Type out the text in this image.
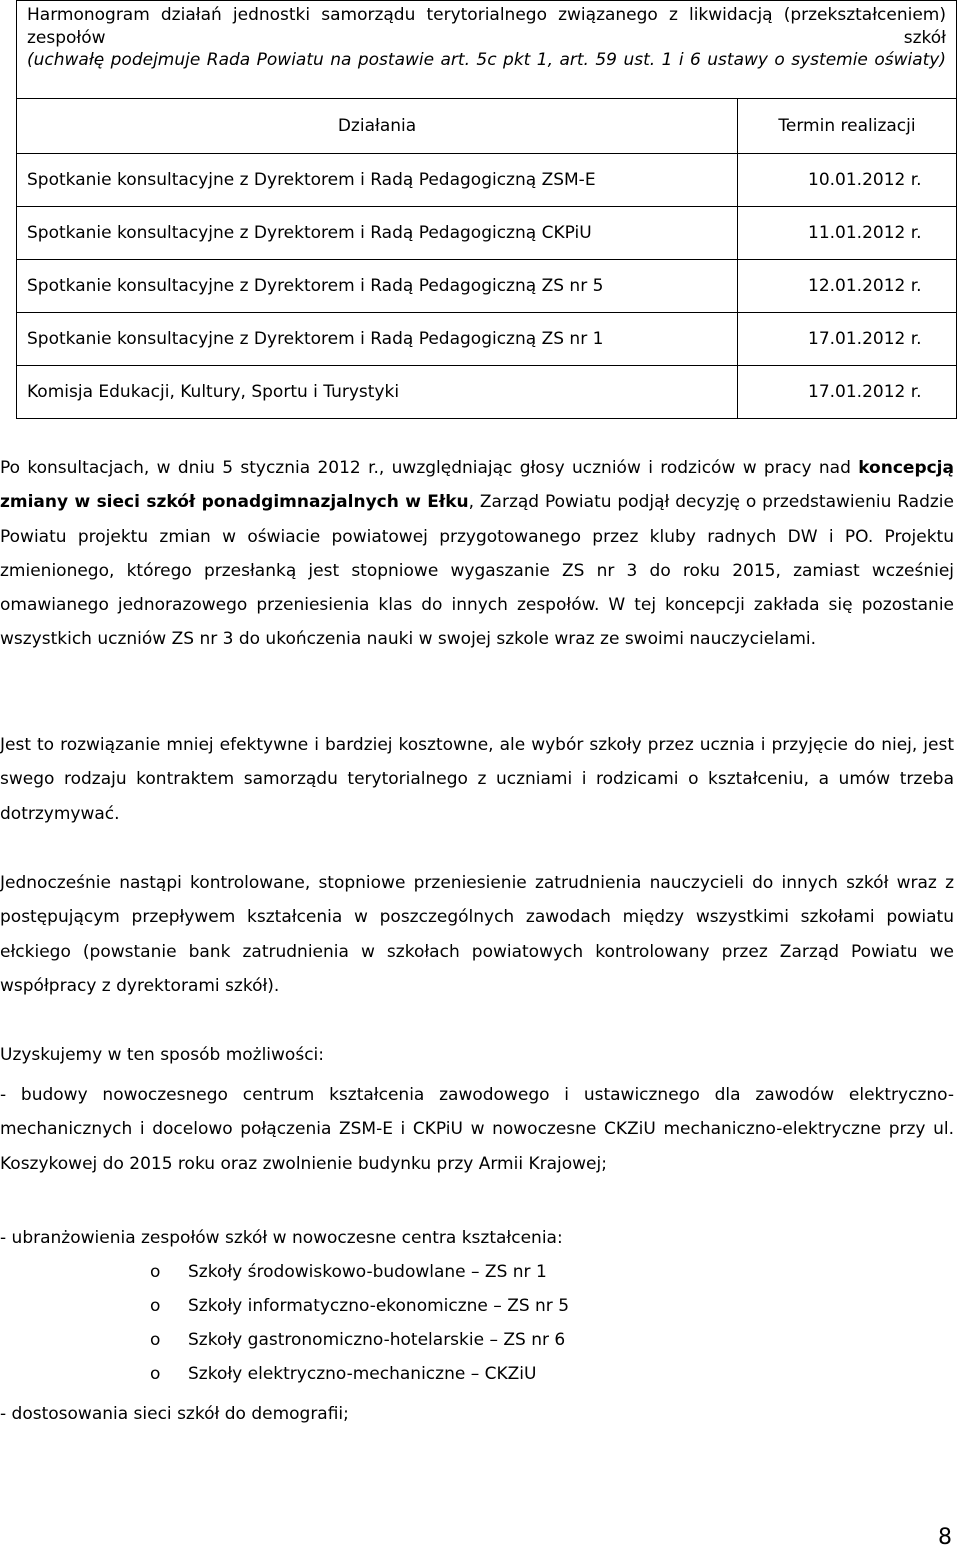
Harmonogram działań jednostki samorządu terytorialnego związanego z likwidacją (przekształceniem) zespołów szkół
(uchwałę podejmuje Rada Powiatu na postawie art. 5c pkt 1, art. 59 ust. 1 i 6 ustawy o systemie oświaty)	
Działania	Termin realizacji
Spotkanie konsultacyjne z Dyrektorem i Radą Pedagogiczną ZSM-E	10.01.2012 r.
Spotkanie konsultacyjne z Dyrektorem i Radą Pedagogiczną CKPiU	11.01.2012 r.
Spotkanie konsultacyjne z Dyrektorem i Radą Pedagogiczną ZS nr 5	12.01.2012 r.
Spotkanie konsultacyjne z Dyrektorem i Radą Pedagogiczną ZS nr 1	17.01.2012 r.
Komisja Edukacji, Kultury, Sportu i Turystyki	17.01.2012 r.

Po konsultacjach, w dniu 5 stycznia 2012 r., uwzględniając głosy uczniów i rodziców w pracy nad koncepcją zmiany w sieci szkół ponadgimnazjalnych w Ełku, Zarząd Powiatu podjął decyzję o przedstawieniu Radzie Powiatu projektu zmian w oświacie powiatowej przygotowanego przez kluby radnych DW i PO. Projektu zmienionego, którego przesłanką jest stopniowe wygaszanie ZS nr 3 do roku 2015, zamiast wcześniej omawianego jednorazowego przeniesienia klas do innych zespołów. W tej koncepcji zakłada się pozostanie wszystkich uczniów ZS nr 3 do ukończenia nauki w swojej szkole wraz ze swoimi nauczycielami.

Jest to rozwiązanie mniej efektywne i bardziej kosztowne, ale wybór szkoły przez ucznia i przyjęcie do niej, jest swego rodzaju kontraktem samorządu terytorialnego z uczniami i rodzicami o kształceniu, a umów trzeba dotrzymywać.

Jednocześnie nastąpi kontrolowane, stopniowe przeniesienie zatrudnienia nauczycieli do innych szkół wraz z postępującym przepływem kształcenia w poszczególnych zawodach między wszystkimi szkołami powiatu ełckiego (powstanie bank zatrudnienia w szkołach powiatowych kontrolowany przez Zarząd Powiatu we współpracy z dyrektorami szkół).

Uzyskujemy w ten sposób możliwości:

- budowy nowoczesnego centrum kształcenia zawodowego i ustawicznego dla zawodów elektryczno-mechanicznych i docelowo połączenia ZSM-E i CKPiU w nowoczesne CKZiU mechaniczno-elektryczne przy ul. Koszykowej do 2015 roku oraz zwolnienie budynku przy Armii Krajowej;

- ubranżowienia zespołów szkół w nowoczesne centra kształcenia:

o Szkoły środowiskowo-budowlane – ZS nr 1
o Szkoły informatyczno-ekonomiczne – ZS nr 5
o Szkoły gastronomiczno-hotelarskie – ZS nr 6
o Szkoły elektryczno-mechaniczne – CKZiU

- dostosowania sieci szkół do demografii;

8
